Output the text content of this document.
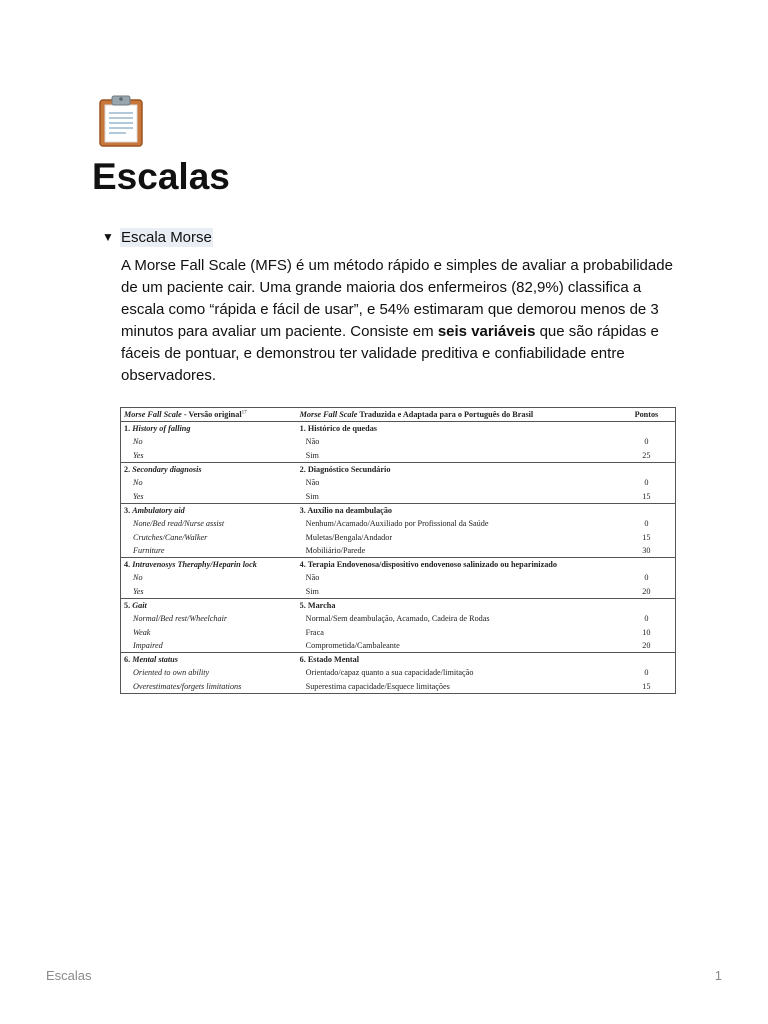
Escalas
▼ Escala Morse

A Morse Fall Scale (MFS) é um método rápido e simples de avaliar a probabilidade de um paciente cair. Uma grande maioria dos enfermeiros (82,9%) classifica a escala como “rápida e fácil de usar”, e 54% estimaram que demorou menos de 3 minutos para avaliar um paciente. Consiste em seis variáveis que são rápidas e fáceis de pontuar, e demonstrou ter validade preditiva e confiabilidade entre observadores.

Morse Fall Scale - Versão original$^{17}$	Morse Fall Scale Traduzida e Adaptada para o Português do Brasil	Pontos
1. History of falling	1. Histórico de quedas	
No	Não	0
Yes	Sim	25
2. Secondary diagnosis	2. Diagnóstico Secundário	
No	Não	0
Yes	Sim	15
3. Ambulatory aid	3. Auxílio na deambulação	
None/Bed read/Nurse assist	Nenhum/Acamado/Auxiliado por Profissional da Saúde	0
Crutches/Cane/Walker	Muletas/Bengala/Andador	15
Furniture	Mobiliário/Parede	30
4. Intravenosys Theraphy/Heparin lock	4. Terapia Endovenosa/dispositivo endovenoso salinizado ou heparinizado	
No	Não	0
Yes	Sim	20
5. Gait	5. Marcha	
Normal/Bed rest/Wheelchair	Normal/Sem deambulação, Acamado, Cadeira de Rodas	0
Weak	Fraca	10
Impaired	Comprometida/Cambaleante	20
6. Mental status	6. Estado Mental	
Oriented to own ability	Orientado/capaz quanto a sua capacidade/limitação	0
Overestimates/forgets limitations	Superestima capacidade/Esquece limitações	15
Escalas	1
